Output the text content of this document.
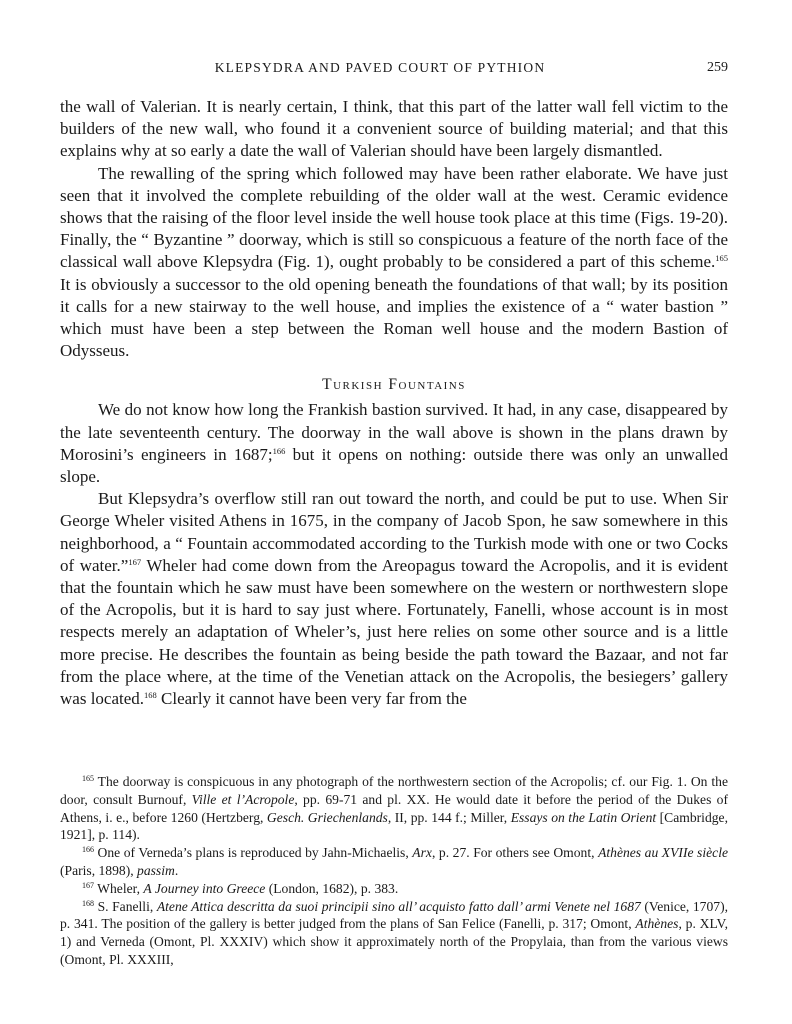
KLEPSYDRA AND PAVED COURT OF PYTHION	259

the wall of Valerian. It is nearly certain, I think, that this part of the latter wall fell victim to the builders of the new wall, who found it a convenient source of building material; and that this explains why at so early a date the wall of Valerian should have been largely dismantled.

The rewalling of the spring which followed may have been rather elaborate. We have just seen that it involved the complete rebuilding of the older wall at the west. Ceramic evidence shows that the raising of the floor level inside the well house took place at this time (Figs. 19-20). Finally, the “ Byzantine ” doorway, which is still so conspicuous a feature of the north face of the classical wall above Klepsydra (Fig. 1), ought probably to be considered a part of this scheme.$^{165}$ It is obviously a successor to the old opening beneath the foundations of that wall; by its position it calls for a new stairway to the well house, and implies the existence of a “ water bastion ” which must have been a step between the Roman well house and the modern Bastion of Odysseus.

Turkish Fountains

We do not know how long the Frankish bastion survived. It had, in any case, disappeared by the late seventeenth century. The doorway in the wall above is shown in the plans drawn by Morosini’s engineers in 1687;$^{166}$ but it opens on nothing: outside there was only an unwalled slope.

But Klepsydra’s overflow still ran out toward the north, and could be put to use. When Sir George Wheler visited Athens in 1675, in the company of Jacob Spon, he saw somewhere in this neighborhood, a “ Fountain accommodated according to the Turkish mode with one or two Cocks of water.”$^{167}$ Wheler had come down from the Areopagus toward the Acropolis, and it is evident that the fountain which he saw must have been somewhere on the western or northwestern slope of the Acropolis, but it is hard to say just where. Fortunately, Fanelli, whose account is in most respects merely an adaptation of Wheler’s, just here relies on some other source and is a little more precise. He describes the fountain as being beside the path toward the Bazaar, and not far from the place where, at the time of the Venetian attack on the Acropolis, the besiegers’ gallery was located.$^{168}$ Clearly it cannot have been very far from the

$^{165}$ The doorway is conspicuous in any photograph of the northwestern section of the Acropolis; cf. our Fig. 1. On the door, consult Burnouf, Ville et l’Acropole, pp. 69-71 and pl. XX. He would date it before the period of the Dukes of Athens, i. e., before 1260 (Hertzberg, Gesch. Griechenlands, II, pp. 144 f.; Miller, Essays on the Latin Orient [Cambridge, 1921], p. 114).

$^{166}$ One of Verneda’s plans is reproduced by Jahn-Michaelis, Arx, p. 27. For others see Omont, Athènes au XVIIe siècle (Paris, 1898), passim.

$^{167}$ Wheler, A Journey into Greece (London, 1682), p. 383.

$^{168}$ S. Fanelli, Atene Attica descritta da suoi principii sino all’ acquisto fatto dall’ armi Venete nel 1687 (Venice, 1707), p. 341. The position of the gallery is better judged from the plans of San Felice (Fanelli, p. 317; Omont, Athènes, p. XLV, 1) and Verneda (Omont, Pl. XXXIV) which show it approximately north of the Propylaia, than from the various views (Omont, Pl. XXXIII,
